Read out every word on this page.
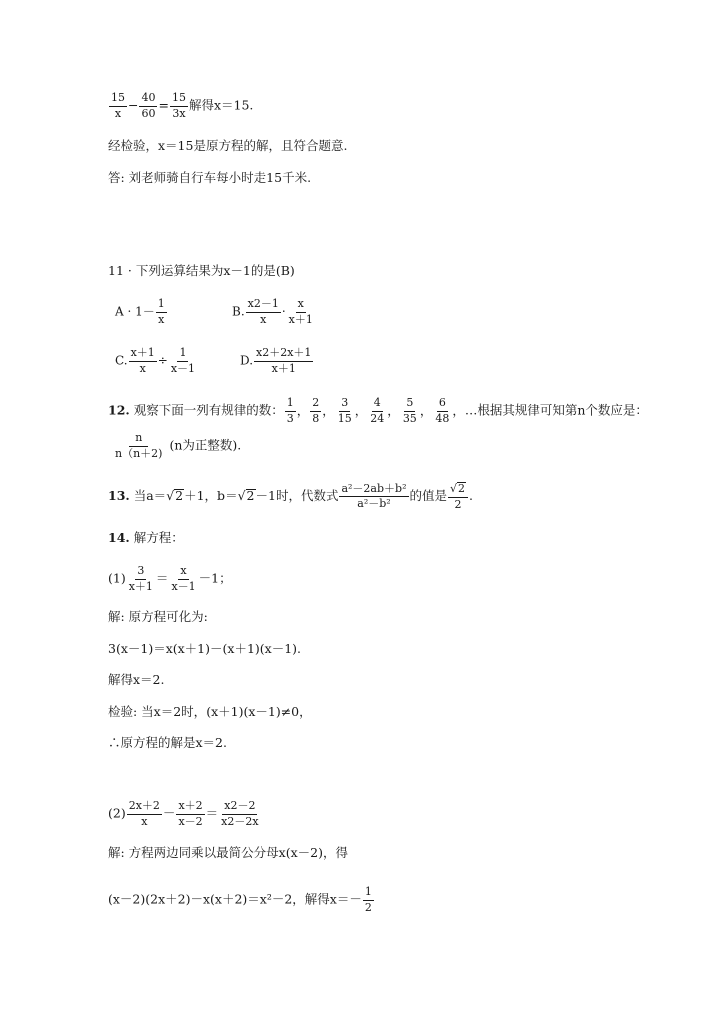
$\frac{15}{x} - \frac{40}{60} = \frac{15}{3x}$ 解得x＝15.
经检验，x＝15是原方程的解，且符合题意.
答: 刘老师骑自行车每小时走15千米.
11 · 下列运算结果为x－1的是(B)
$A \cdot 1- \frac{1}{x}$	B. $\frac{x2-1}{x} \cdot \frac{x}{x+1}$
C. $\frac{x+1}{x} \div \frac{1}{x-1}$	D. $\frac{x2+2x+1}{x+1}$
12. 观察下面一列有规律的数： $\frac{1}{3}$ ， $\frac{2}{8}$ ， $\frac{3}{15}$ ， $\frac{4}{24}$ ， $\frac{5}{35}$ ， $\frac{6}{48}$ ，…根据其规律可知第n个数应是：
$\frac{n}{n(n+2)} (n$为正整数).
13. 当a＝√2＋1，b＝√2－1时，代数式 $\frac{\text{a²－2ab＋b²}}{\text{a²－b²}}$ 的值是 $\frac{√2}{2}$ .
14. 解方程：
$(1) \frac{3}{x+1} = \frac{x}{x-1} -1$；
解: 原方程可化为:
3(x－1)＝x(x＋1)－(x＋1)(x－1).
解得x＝2.
检验: 当x＝2时，(x＋1)(x－1)≠0，
∴原方程的解是x＝2.
$(2) \frac{2x+2}{x} - \frac{x+2}{x-2} = \frac{x2-2}{x2-2x}$
解: 方程两边同乘以最简公分母x(x－2)，得
(x－2)(2x＋2)－x(x＋2)＝x²－2，解得$x=- \frac{1}{2}$
